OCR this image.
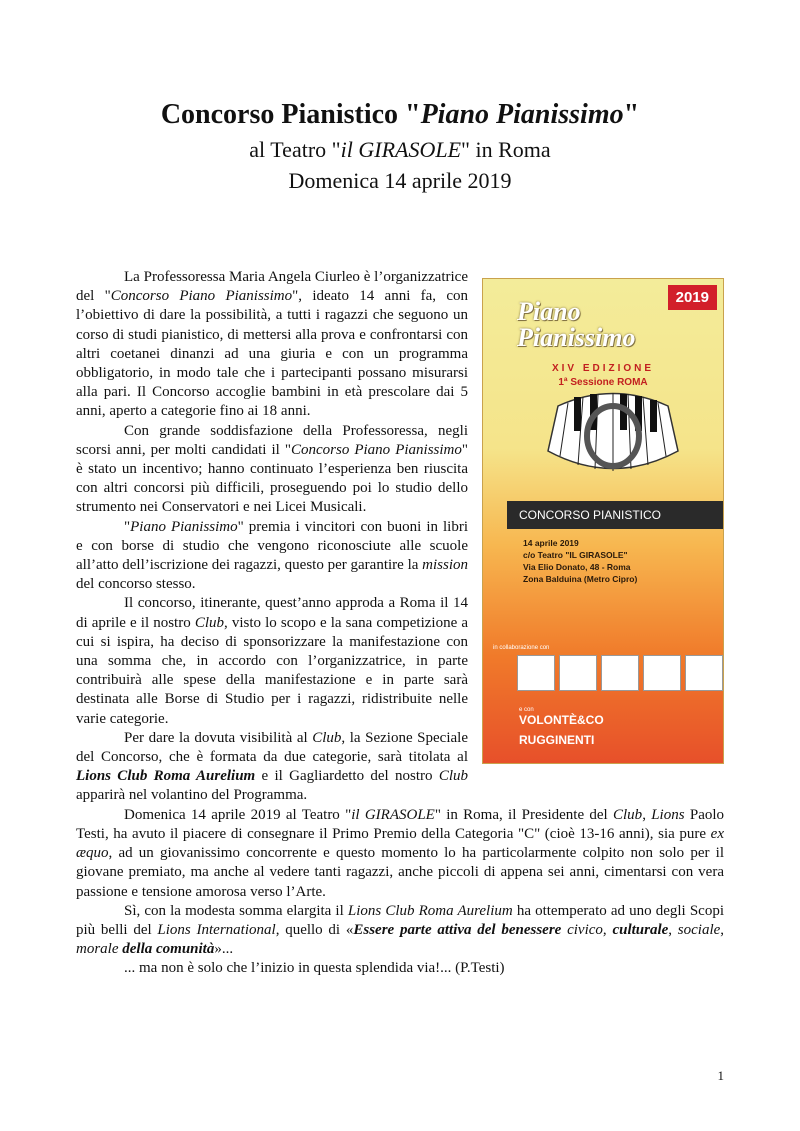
Concorso Pianistico "Piano Pianissimo"
al Teatro "il GIRASOLE" in Roma
Domenica 14 aprile 2019
2019
Piano
Pianissimo
XIV EDIZIONE
1ª Sessione ROMA
CONCORSO PIANISTICO
14 aprile 2019
c/o Teatro "IL GIRASOLE"
Via Elio Donato, 48 - Roma
Zona Balduina (Metro Cipro)
in collaborazione con
e con
VOLONTÈ&CO
RUGGINENTI

La Professoressa Maria Angela Ciurleo è l’organizzatrice del "Concorso Piano Pianissimo", ideato 14 anni fa, con l’obiettivo di dare la possibilità, a tutti i ragazzi che seguono un corso di studi pianistico, di mettersi alla prova e confrontarsi con altri coetanei dinanzi ad una giuria e con un programma obbligatorio, in modo tale che i partecipanti possano misurarsi alla pari. Il Concorso accoglie bambini in età prescolare dai 5 anni, aperto a categorie fino ai 18 anni.

Con grande soddisfazione della Professoressa, negli scorsi anni, per molti candidati il "Concorso Piano Pianissimo" è stato un incentivo; hanno continuato l’esperienza ben riuscita con altri concorsi più difficili, proseguendo poi lo studio dello strumento nei Conservatori e nei Licei Musicali.

"Piano Pianissimo" premia i vincitori con buoni in libri e con borse di studio che vengono riconosciute alle scuole all’atto dell’iscrizione dei ragazzi, questo per garantire la mission del concorso stesso.

Il concorso, itinerante, quest’anno approda a Roma il 14 di aprile e il nostro Club, visto lo scopo e la sana competizione a cui si ispira, ha deciso di sponsorizzare la manifestazione con una somma che, in accordo con l’organizzatrice, in parte contribuirà alle spese della manifestazione e in parte sarà destinata alle Borse di Studio per i ragazzi, ridistribuite nelle varie categorie.

Per dare la dovuta visibilità al Club, la Sezione Speciale del Concorso, che è formata da due categorie, sarà titolata al Lions Club Roma Aurelium e il Gagliardetto del nostro Club apparirà nel volantino del Programma.

Domenica 14 aprile 2019 al Teatro "il GIRASOLE" in Roma, il Presidente del Club, Lions Paolo Testi, ha avuto il piacere di consegnare il Primo Premio della Categoria "C" (cioè 13-16 anni), sia pure ex æquo, ad un giovanissimo concorrente e questo momento lo ha particolarmente colpito non solo per il giovane premiato, ma anche al vedere tanti ragazzi, anche piccoli di appena sei anni, cimentarsi con vera passione e tensione amorosa verso l’Arte.

Sì, con la modesta somma elargita il Lions Club Roma Aurelium ha ottemperato ad uno degli Scopi più belli del Lions International, quello di «Essere parte attiva del benessere civico, culturale, sociale, morale della comunità»...

... ma non è solo che l’inizio in questa splendida via!... (P.Testi)

1
